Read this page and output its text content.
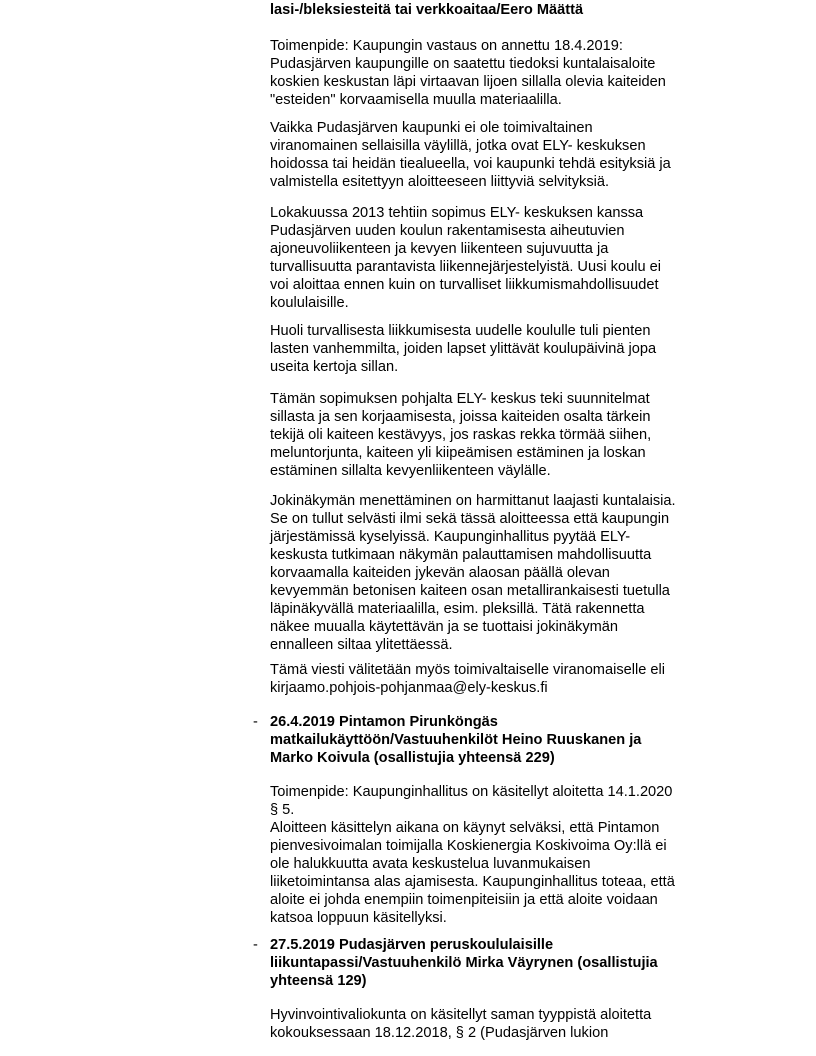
lasi-/bleksiesteitä tai verkkoaitaa/Eero Määttä

Toimenpide: Kaupungin vastaus on annettu 18.4.2019:
Pudasjärven kaupungille on saatettu tiedoksi kuntalaisaloite koskien keskustan läpi virtaavan lijoen sillalla olevia kaiteiden "esteiden" korvaamisella muulla materiaalilla.

Vaikka Pudasjärven kaupunki ei ole toimivaltainen viranomainen sellaisilla väylillä, jotka ovat ELY- keskuksen hoidossa tai heidän tiealueella, voi kaupunki tehdä esityksiä ja valmistella esitettyyn aloitteeseen liittyviä selvityksiä.

Lokakuussa 2013 tehtiin sopimus ELY- keskuksen kanssa Pudasjärven uuden koulun rakentamisesta aiheutuvien ajoneuvoliikenteen ja kevyen liikenteen sujuvuutta ja turvallisuutta parantavista liikennejärjestelyistä. Uusi koulu ei voi aloittaa ennen kuin on turvalliset liikkumismahdollisuudet koululaisille.

Huoli turvallisesta liikkumisesta uudelle koululle tuli pienten lasten vanhemmilta, joiden lapset ylittävät koulupäivinä jopa useita kertoja sillan.

Tämän sopimuksen pohjalta ELY- keskus teki suunnitelmat sillasta ja sen korjaamisesta, joissa kaiteiden osalta tärkein tekijä oli kaiteen kestävyys, jos raskas rekka törmää siihen, meluntorjunta, kaiteen yli kiipeämisen estäminen ja loskan estäminen sillalta kevyenliikenteen väylälle.

Jokinäkymän menettäminen on harmittanut laajasti kuntalaisia. Se on tullut selvästi ilmi sekä tässä aloitteessa että kaupungin järjestämissä kyselyissä. Kaupunginhallitus pyytää ELY-keskusta tutkimaan näkymän palauttamisen mahdollisuutta korvaamalla kaiteiden jykevän alaosan päällä olevan kevyemmän betonisen kaiteen osan metallirankaisesti tuetulla läpinäkyvällä materiaalilla, esim. pleksillä. Tätä rakennetta näkee muualla käytettävän ja se tuottaisi jokinäkymän ennalleen siltaa ylitettäessä.

Tämä viesti välitetään myös toimivaltaiselle viranomaiselle eli kirjaamo.pohjois-pohjanmaa@ely-keskus.fi

- 26.4.2019 Pintamon Pirunköngäs matkailukäyttöön/Vastuuhenkilöt Heino Ruuskanen ja Marko Koivula (osallistujia yhteensä 229)

Toimenpide: Kaupunginhallitus on käsitellyt aloitetta 14.1.2020 § 5.
Aloitteen käsittelyn aikana on käynyt selväksi, että Pintamon pienvesivoimalan toimijalla Koskienergia Koskivoima Oy:llä ei ole halukkuutta avata keskustelua luvanmukaisen liiketoimintansa alas ajamisesta. Kaupunginhallitus toteaa, että aloite ei johda enempiin toimenpiteisiin ja että aloite voidaan katsoa loppuun käsitellyksi.

- 27.5.2019 Pudasjärven peruskoululaisille liikuntapassi/Vastuuhenkilö Mirka Väyrynen (osallistujia yhteensä 129)

Hyvinvointivaliokunta on käsitellyt saman tyyppistä aloitetta kokouksessaan 18.12.2018, § 2 (Pudasjärven lukion
